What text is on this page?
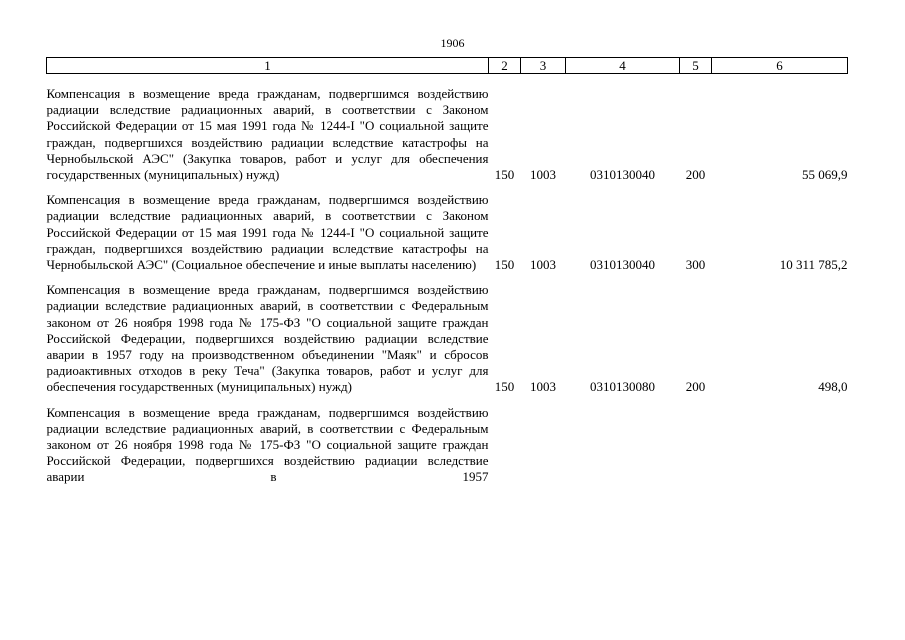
1906
1	2	3	4	5	6
Компенсация в возмещение вреда гражданам, подвергшимся воздействию радиации вследствие радиационных аварий, в соответствии с Законом Российской Федерации от 15 мая 1991 года № 1244-I "О социальной защите граждан, подвергшихся воздействию радиации вследствие катастрофы на Чернобыльской АЭС" (Закупка товаров, работ и услуг для обеспечения государственных (муниципальных) нужд)	150	1003	0310130040	200	55 069,9
Компенсация в возмещение вреда гражданам, подвергшимся воздействию радиации вследствие радиационных аварий, в соответствии с Законом Российской Федерации от 15 мая 1991 года № 1244-I "О социальной защите граждан, подвергшихся воздействию радиации вследствие катастрофы на Чернобыльской АЭС" (Социальное обеспечение и иные выплаты населению)	150	1003	0310130040	300	10 311 785,2
Компенсация в возмещение вреда гражданам, подвергшимся воздействию радиации вследствие радиационных аварий, в соответствии с Федеральным законом от 26 ноября 1998 года № 175-ФЗ "О социальной защите граждан Российской Федерации, подвергшихся воздействию радиации вследствие аварии в 1957 году на производственном объединении "Маяк" и сбросов радиоактивных отходов в реку Теча" (Закупка товаров, работ и услуг для обеспечения государственных (муниципальных) нужд)	150	1003	0310130080	200	498,0
Компенсация в возмещение вреда гражданам, подвергшимся воздействию радиации вследствие радиационных аварий, в соответствии с Федеральным законом от 26 ноября 1998 года № 175-ФЗ "О социальной защите граждан Российской Федерации, подвергшихся воздействию радиации вследствие аварии в 1957					
